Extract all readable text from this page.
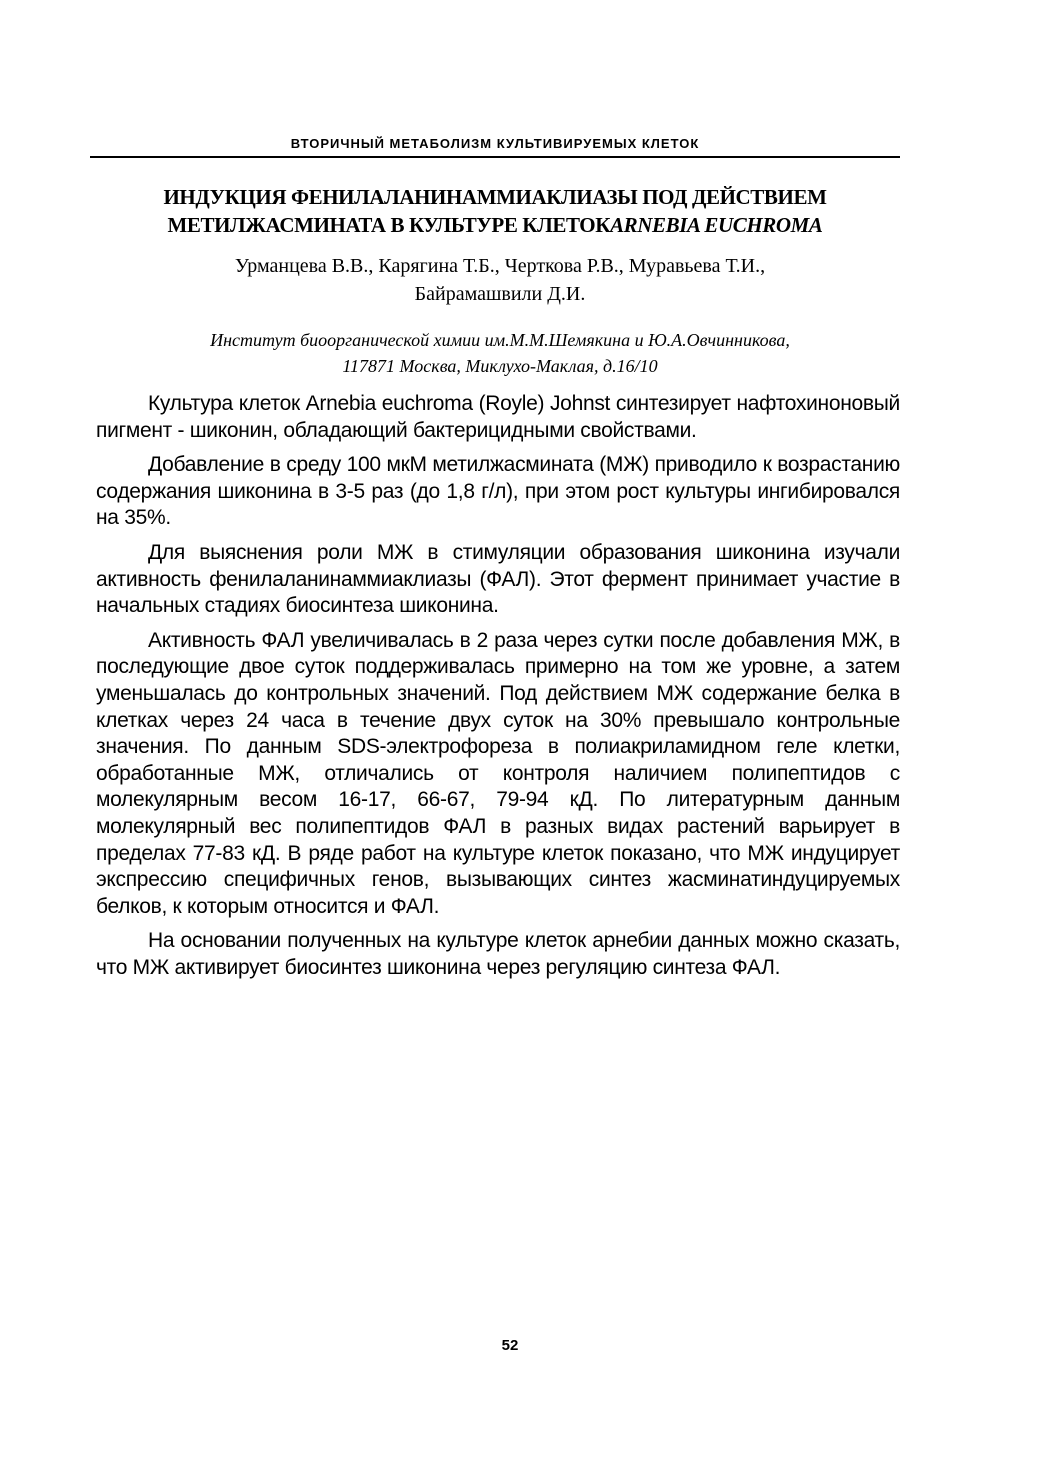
ВТОРИЧНЫЙ МЕТАБОЛИЗМ КУЛЬТИВИРУЕМЫХ КЛЕТОК
ИНДУКЦИЯ ФЕНИЛАЛАНИНАММИАКЛИАЗЫ ПОД ДЕЙСТВИЕМ МЕТИЛЖАСМИНАТА В КУЛЬТУРЕ КЛЕТОКARNEBIA EUCHROMA
Урманцева В.В., Карягина Т.Б., Черткова Р.В., Муравьева Т.И.,
Байрамашвили Д.И.
Институт биоорганической химии им.М.М.Шемякина и Ю.А.Овчинникова,
117871 Москва, Миклухо-Маклая, д.16/10

Культура клеток Arnebia euchroma (Royle) Johnst синтезирует нафтохиноновый пигмент - шиконин, обладающий бактерицидными свойствами.

Добавление в среду 100 мкМ метилжасмината (МЖ) приводило к возрастанию содержания шиконина в 3-5 раз (до 1,8 г/л), при этом рост культуры ингибировался на 35%.

Для выяснения роли МЖ в стимуляции образования шиконина изучали активность фенилаланинаммиаклиазы (ФАЛ). Этот фермент принимает участие в начальных стадиях биосинтеза шиконина.

Активность ФАЛ увеличивалась в 2 раза через сутки после добавления МЖ, в последующие двое суток поддерживалась примерно на том же уровне, а затем уменьшалась до контрольных значений. Под действием МЖ содержание белка в клетках через 24 часа в течение двух суток на 30% превышало контрольные значения. По данным SDS-электрофореза в полиакриламидном геле клетки, обработанные МЖ, отличались от контроля наличием полипептидов с молекулярным весом 16-17, 66-67, 79-94 кД. По литературным данным молекулярный вес полипептидов ФАЛ в разных видах растений варьирует в пределах 77-83 кД. В ряде работ на культуре клеток показано, что МЖ индуцирует экспрессию специфичных генов, вызывающих синтез жасминатиндуцируемых белков, к которым относится и ФАЛ.

На основании полученных на культуре клеток арнебии данных можно сказать, что МЖ активирует биосинтез шиконина через регуляцию синтеза ФАЛ.

52
